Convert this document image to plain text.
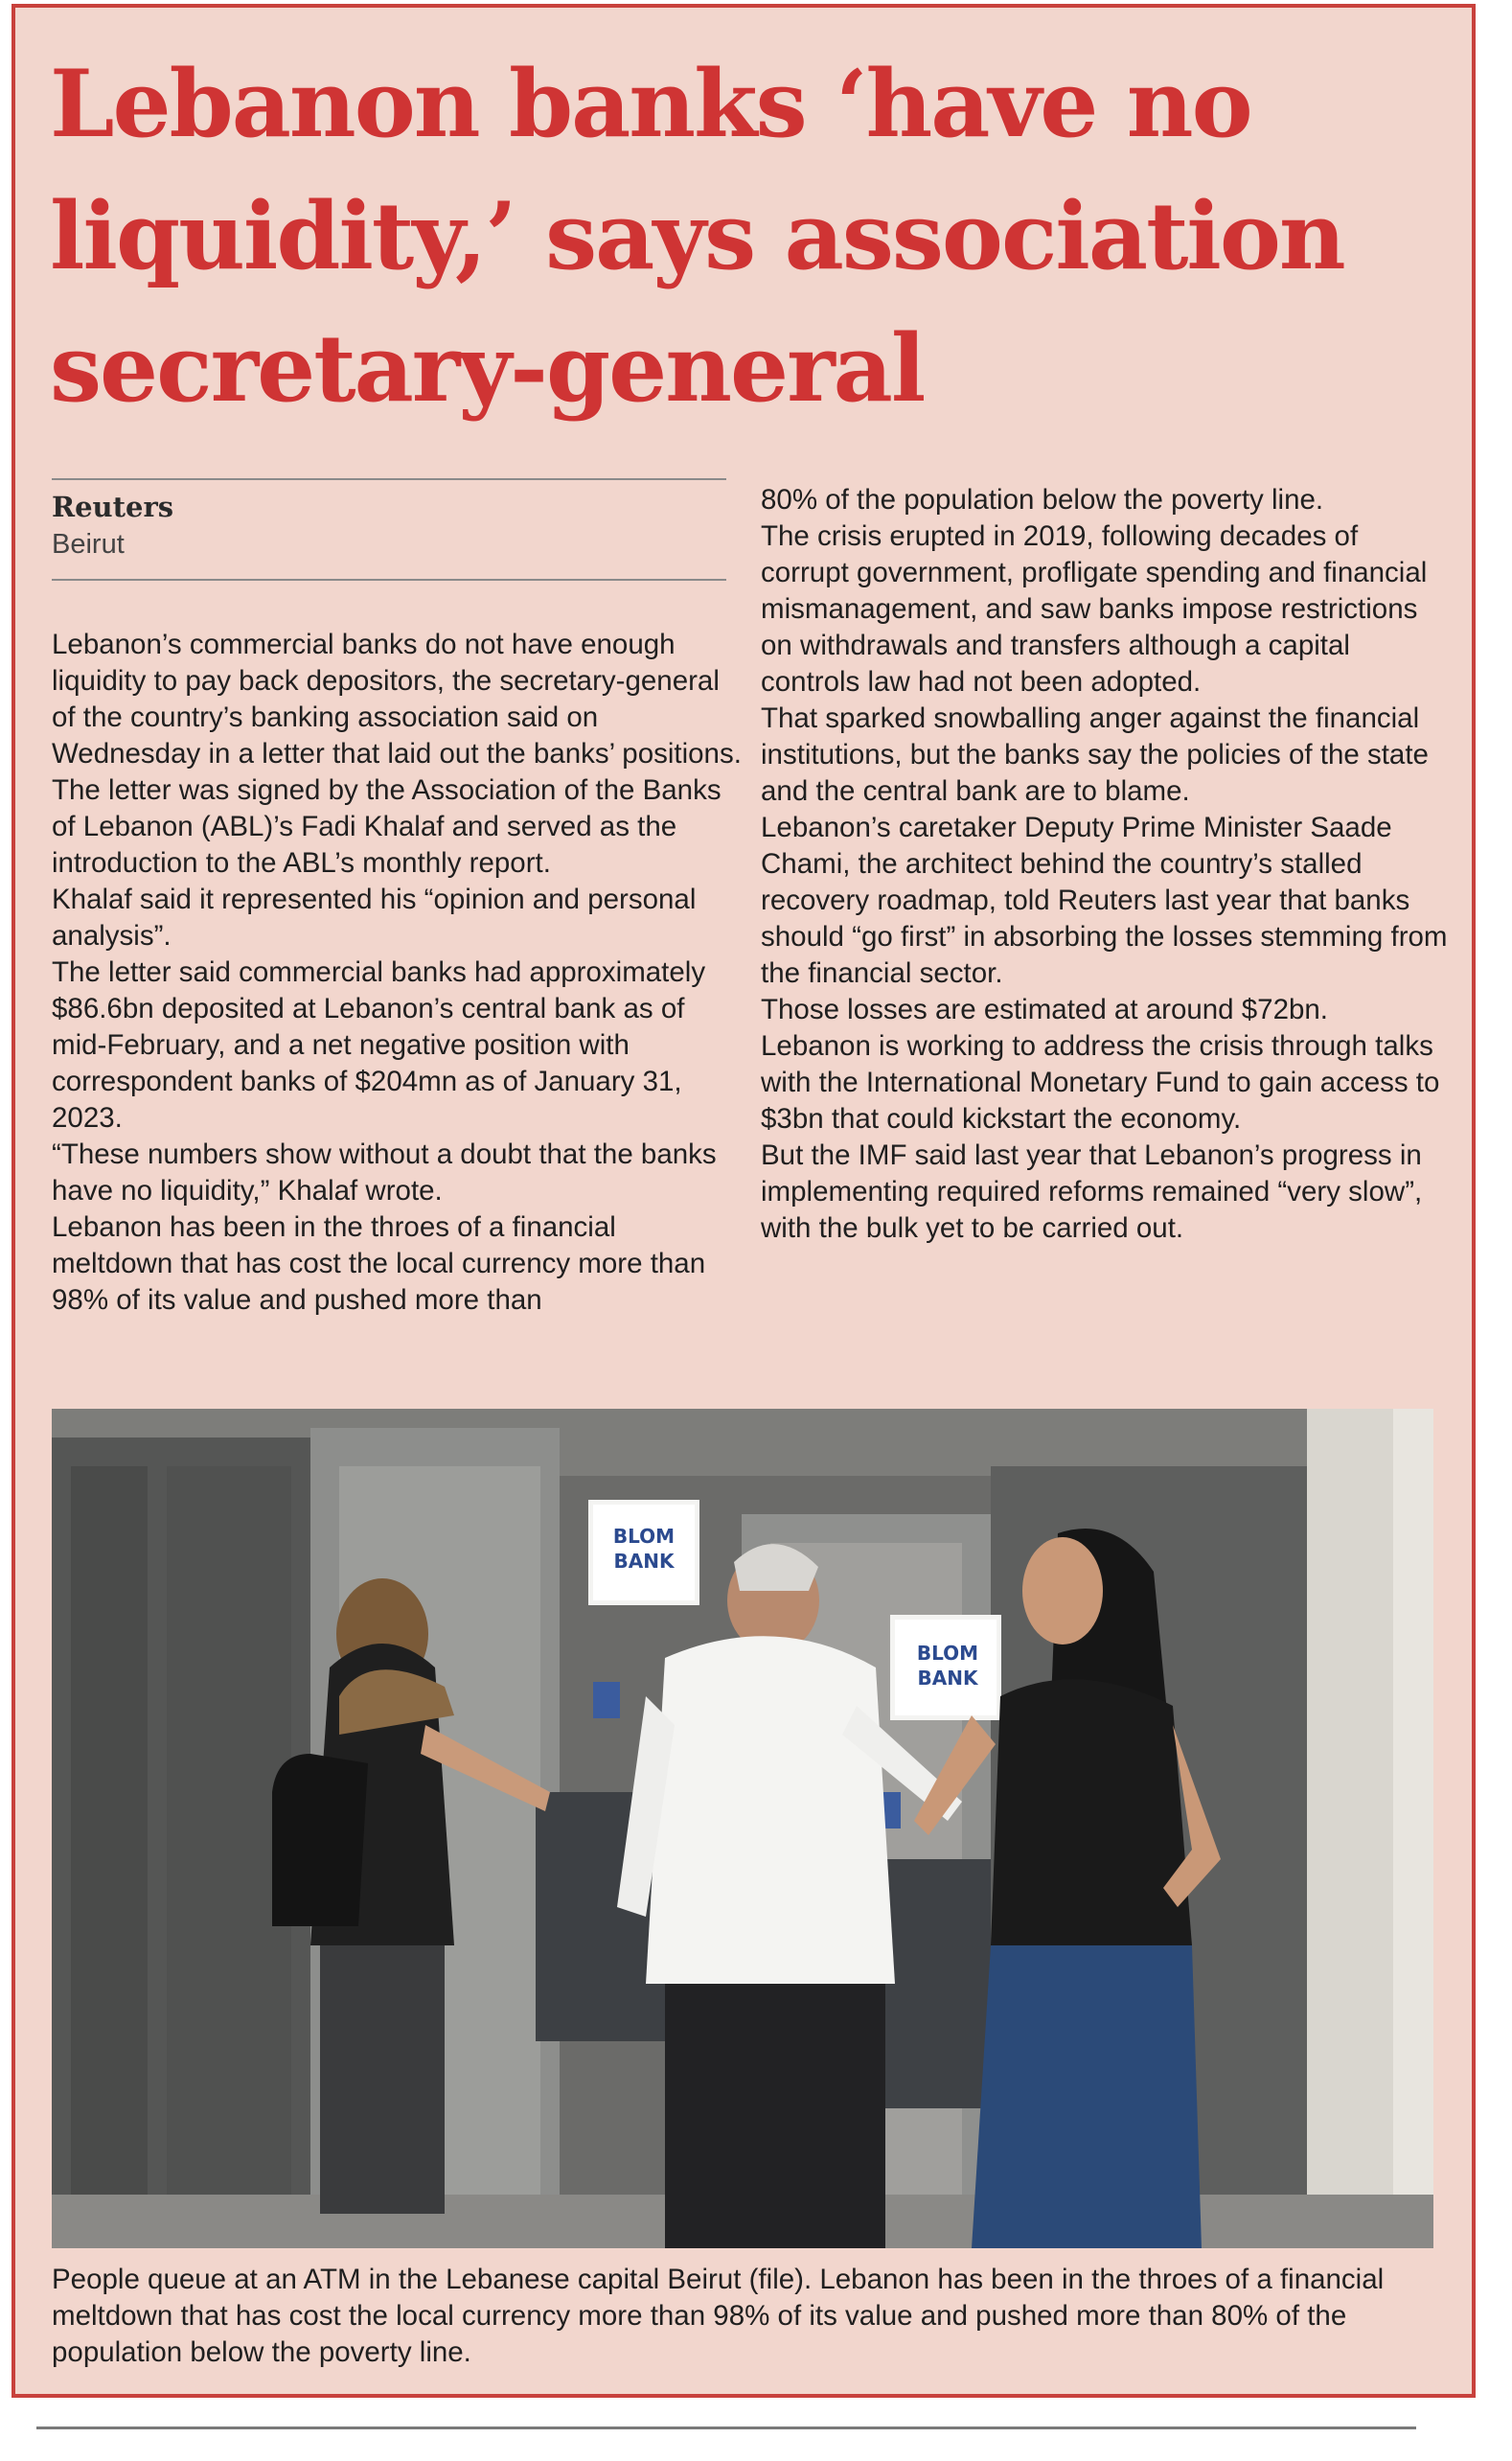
Lebanon banks ‘have no liquidity,’ says association secretary-general
Reuters
Beirut

Lebanon’s commercial banks do not have enough liquidity to pay back depositors, the secretary-general of the country’s banking association said on Wednesday in a letter that laid out the banks’ positions.

The letter was signed by the Association of the Banks of Lebanon (ABL)’s Fadi Khalaf and served as the introduction to the ABL’s monthly report.

Khalaf said it represented his “opinion and personal analysis”.

The letter said commercial banks had approximately $86.6bn deposited at Lebanon’s central bank as of mid-February, and a net negative position with correspondent banks of $204mn as of January 31, 2023.

“These numbers show without a doubt that the banks have no liquidity,” Khalaf wrote.

Lebanon has been in the throes of a financial meltdown that has cost the local currency more than 98% of its value and pushed more than

80% of the population below the poverty line.

The crisis erupted in 2019, following decades of corrupt government, profligate spending and financial mismanagement, and saw banks impose restrictions on withdrawals and transfers although a capital controls law had not been adopted.

That sparked snowballing anger against the financial institutions, but the banks say the policies of the state and the central bank are to blame.

Lebanon’s caretaker Deputy Prime Minister Saade Chami, the architect behind the country’s stalled recovery roadmap, told Reuters last year that banks should “go first” in absorbing the losses stemming from the financial sector.

Those losses are estimated at around $72bn.

Lebanon is working to address the crisis through talks with the International Monetary Fund to gain access to $3bn that could kickstart the economy.

But the IMF said last year that Lebanon’s progress in implementing required reforms remained “very slow”, with the bulk yet to be carried out.

BLOM
BANK
BLOM
BANK

People queue at an ATM in the Lebanese capital Beirut (file). Lebanon has been in the throes of a financial meltdown that has cost the local currency more than 98% of its value and pushed more than 80% of the population below the poverty line.
